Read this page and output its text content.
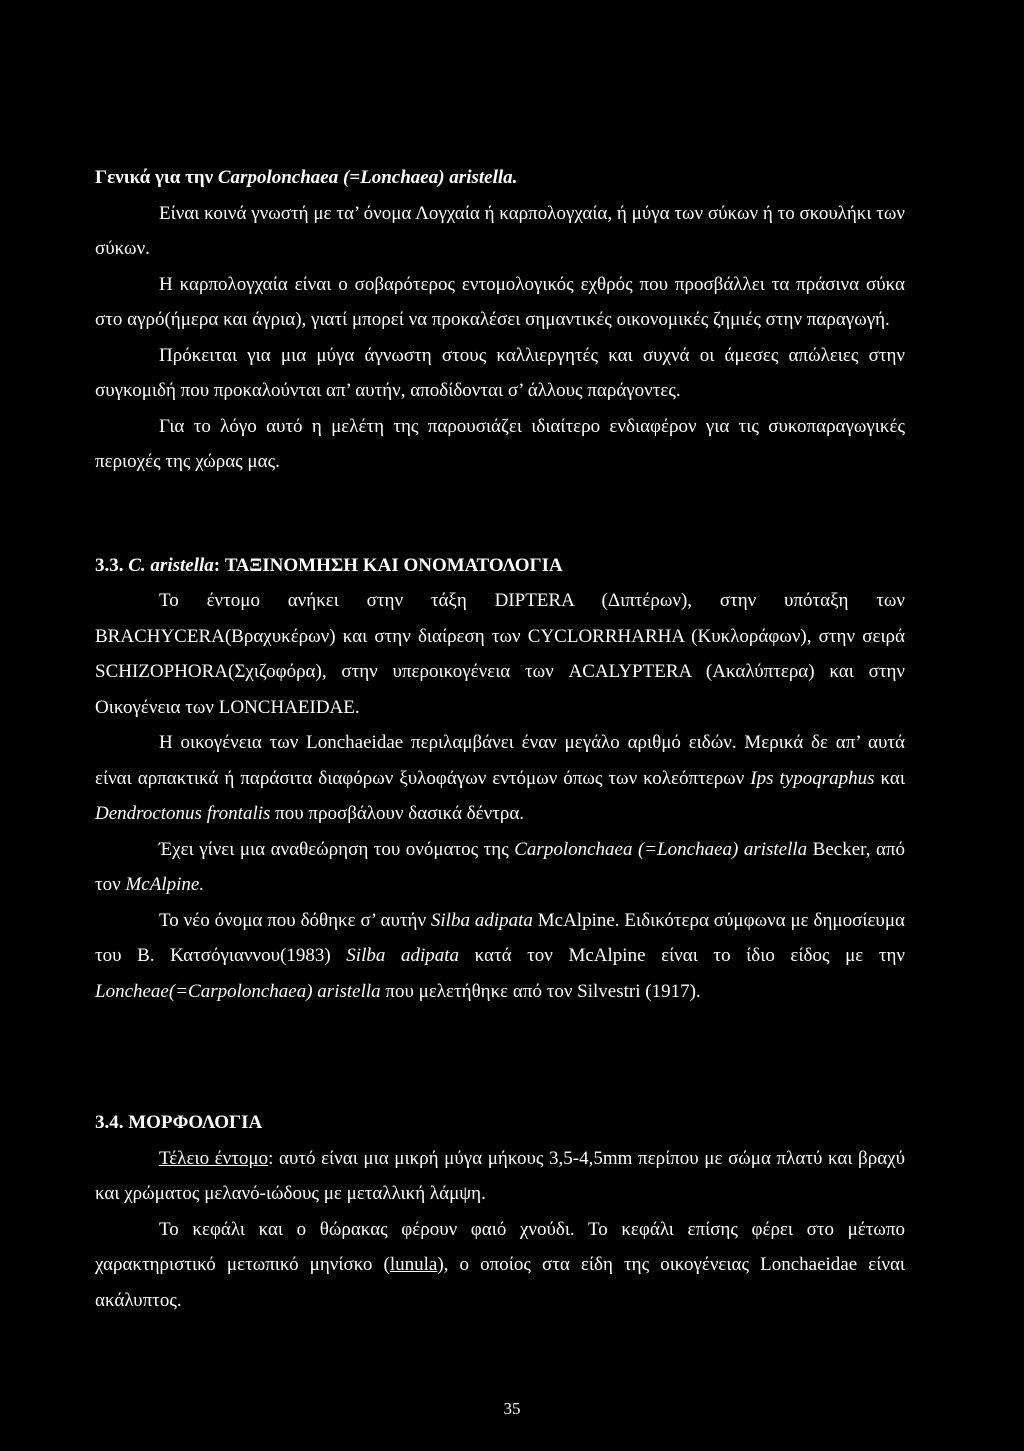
Γενικά για την Carpolonchaea (=Lonchaea) aristella.

Είναι κοινά γνωστή με τα’ όνομα Λογχαία ή καρπολογχαία, ή μύγα των σύκων ή το σκουλήκι των σύκων.

Η καρπολογχαία είναι ο σοβαρότερος εντομολογικός εχθρός που προσβάλλει τα πράσινα σύκα στο αγρό(ήμερα και άγρια), γιατί μπορεί να προκαλέσει σημαντικές οικονομικές ζημιές στην παραγωγή.

Πρόκειται για μια μύγα άγνωστη στους καλλιεργητές και συχνά οι άμεσες απώλειες στην συγκομιδή που προκαλούνται απ’ αυτήν, αποδίδονται σ’ άλλους παράγοντες.

Για το λόγο αυτό η μελέτη της παρουσιάζει ιδιαίτερο ενδιαφέρον για τις συκοπαραγωγικές περιοχές της χώρας μας.

3.3. C. aristella: ΤΑΞΙΝΟΜΗΣΗ ΚΑΙ ΟΝΟΜΑΤΟΛΟΓΙΑ

Το έντομο ανήκει στην τάξη DIPTERA (Διπτέρων), στην υπόταξη των BRACHYCERA(Βραχυκέρων) και στην διαίρεση των CYCLORRHARHA (Κυκλοράφων), στην σειρά SCHIZOPHORA(Σχιζοφόρα), στην υπεροικογένεια των ACALYPTERA (Ακαλύπτερα) και στην Οικογένεια των LONCHAEIDAE.

Η οικογένεια των Lonchaeidae περιλαμβάνει έναν μεγάλο αριθμό ειδών. Μερικά δε απ’ αυτά είναι αρπακτικά ή παράσιτα διαφόρων ξυλοφάγων εντόμων όπως των κολεόπτερων Ips typoqraphus και Dendroctonus frontalis που προσβάλουν δασικά δέντρα.

Έχει γίνει μια αναθεώρηση του ονόματος της Carpolonchaea (=Lonchaea) aristella Becker, από τον McAlpine.

Το νέο όνομα που δόθηκε σ’ αυτήν Silba adipata McAlpine. Ειδικότερα σύμφωνα με δημοσίευμα του Β. Κατσόγιαννου(1983) Silba adipata κατά τον McAlpine είναι το ίδιο είδος με την Loncheae(=Carpolonchaea) aristella που μελετήθηκε από τον Silvestri (1917).

3.4. ΜΟΡΦΟΛΟΓΙΑ

Τέλειο έντομο: αυτό είναι μια μικρή μύγα μήκους 3,5-4,5mm περίπου με σώμα πλατύ και βραχύ και χρώματος μελανό-ιώδους με μεταλλική λάμψη.

Το κεφάλι και ο θώρακας φέρουν φαιό χνούδι. Το κεφάλι επίσης φέρει στο μέτωπο χαρακτηριστικό μετωπικό μηνίσκο (lunula), ο οποίος στα είδη της οικογένειας Lonchaeidae είναι ακάλυπτος.

35
